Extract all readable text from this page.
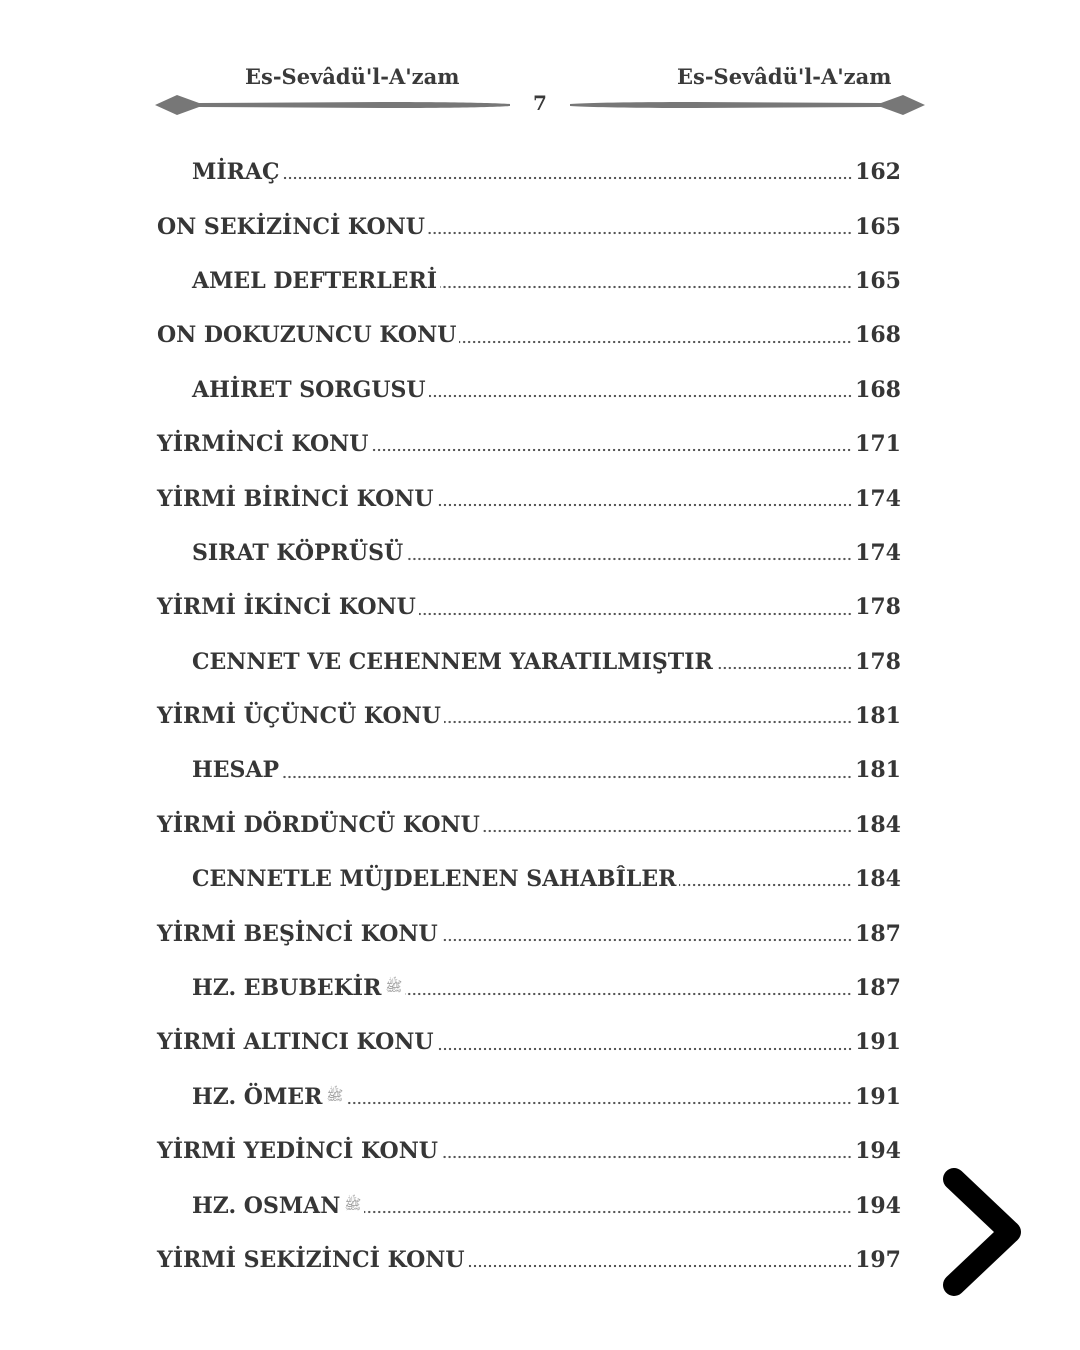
Es-Sevâdü'l-A'zam	Es-Sevâdü'l-A'zam
7
MİRAÇ	162
ON SEKİZİNCİ KONU	165
AMEL DEFTERLERİ	165
ON DOKUZUNCU KONU	168
AHİRET SORGUSU	168
YİRMİNCİ KONU	171
YİRMİ BİRİNCİ KONU	174
SIRAT KÖPRÜSÜ	174
YİRMİ İKİNCİ KONU	178
CENNET VE CEHENNEM YARATILMIŞTIR	178
YİRMİ ÜÇÜNCÜ KONU	181
HESAP	181
YİRMİ DÖRDÜNCÜ KONU	184
CENNETLE MÜJDELENEN SAHABÎLER	184
YİRMİ BEŞİNCİ KONU	187
HZ. EBUBEKİR ﷺ	187
YİRMİ ALTINCI KONU	191
HZ. ÖMER ﷺ	191
YİRMİ YEDİNCİ KONU	194
HZ. OSMAN ﷺ	194
YİRMİ SEKİZİNCİ KONU	197
